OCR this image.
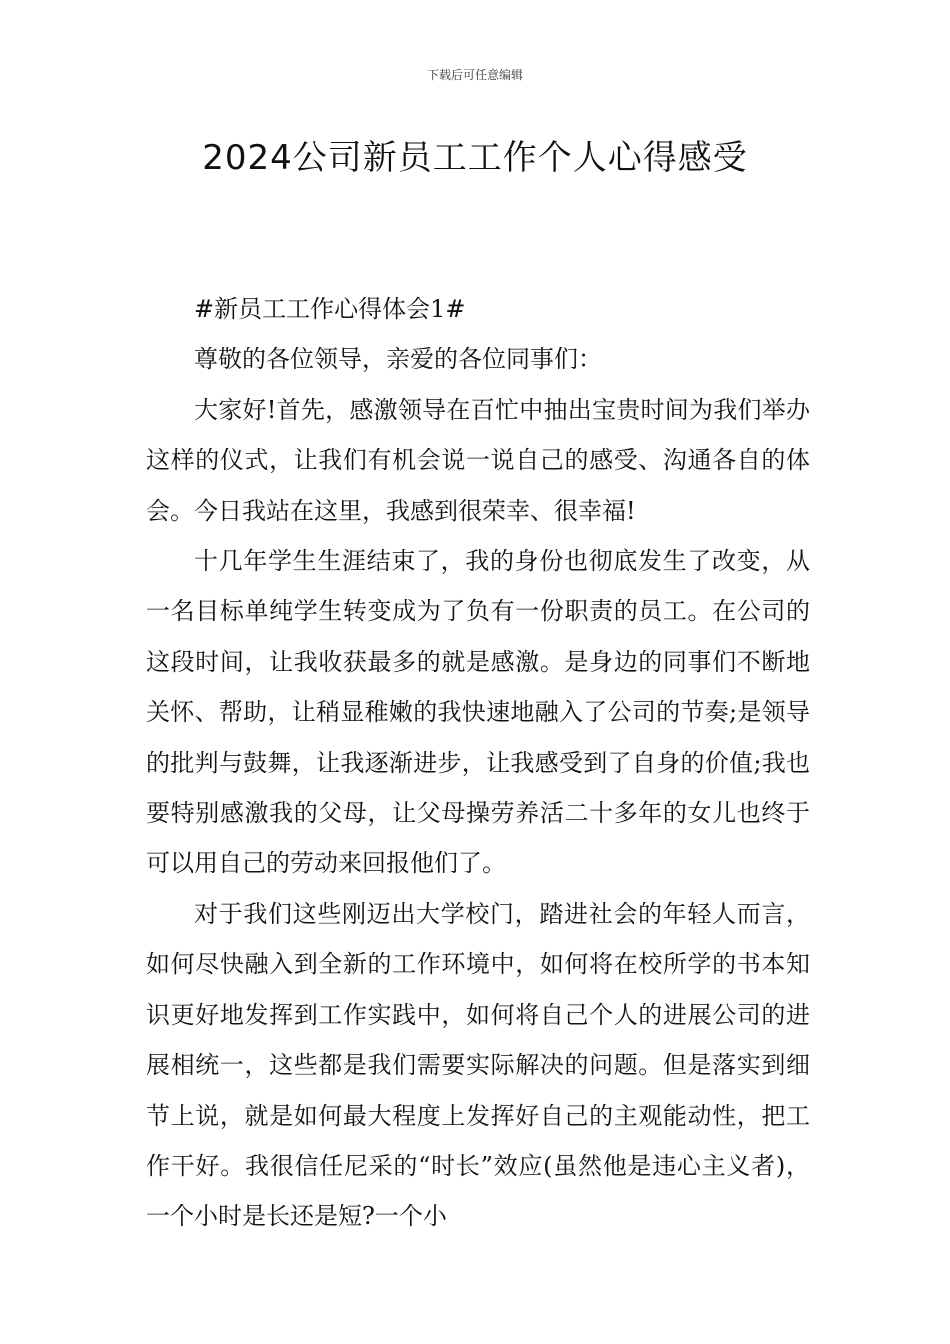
下载后可任意编辑
2024公司新员工工作个人心得感受

#新员工工作心得体会1#

尊敬的各位领导，亲爱的各位同事们：

大家好!首先，感激领导在百忙中抽出宝贵时间为我们举办这样的仪式，让我们有机会说一说自己的感受、沟通各自的体会。今日我站在这里，我感到很荣幸、很幸福!

十几年学生生涯结束了，我的身份也彻底发生了改变，从一名目标单纯学生转变成为了负有一份职责的员工。在公司的这段时间，让我收获最多的就是感激。是身边的同事们不断地关怀、帮助，让稍显稚嫩的我快速地融入了公司的节奏;是领导的批判与鼓舞，让我逐渐进步，让我感受到了自身的价值;我也要特别感激我的父母，让父母操劳养活二十多年的女儿也终于可以用自己的劳动来回报他们了。

对于我们这些刚迈出大学校门，踏进社会的年轻人而言，如何尽快融入到全新的工作环境中，如何将在校所学的书本知识更好地发挥到工作实践中，如何将自己个人的进展公司的进展相统一，这些都是我们需要实际解决的问题。但是落实到细节上说，就是如何最大程度上发挥好自己的主观能动性，把工作干好。我很信任尼采的“时长”效应(虽然他是违心主义者)，一个小时是长还是短?一个小
